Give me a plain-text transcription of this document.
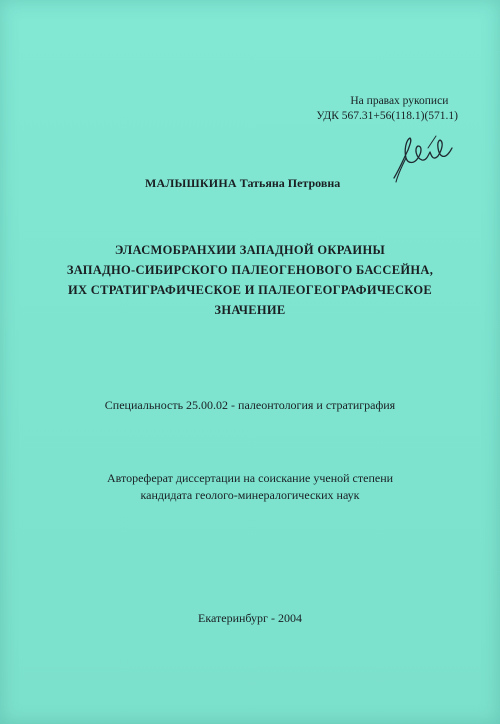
На правах рукописи
УДК 567.31+56(118.1)(571.1)
МАЛЫШКИНА Татьяна Петровна
ЭЛАСМОБРАНХИИ ЗАПАДНОЙ ОКРАИНЫ
ЗАПАДНО-СИБИРСКОГО ПАЛЕОГЕНОВОГО БАССЕЙНА,
ИХ СТРАТИГРАФИЧЕСКОЕ И ПАЛЕОГЕОГРАФИЧЕСКОЕ
ЗНАЧЕНИЕ
Специальность 25.00.02 - палеонтология и стратиграфия
Автореферат диссертации на соискание ученой степени
кандидата геолого-минералогических наук
Екатеринбург - 2004
